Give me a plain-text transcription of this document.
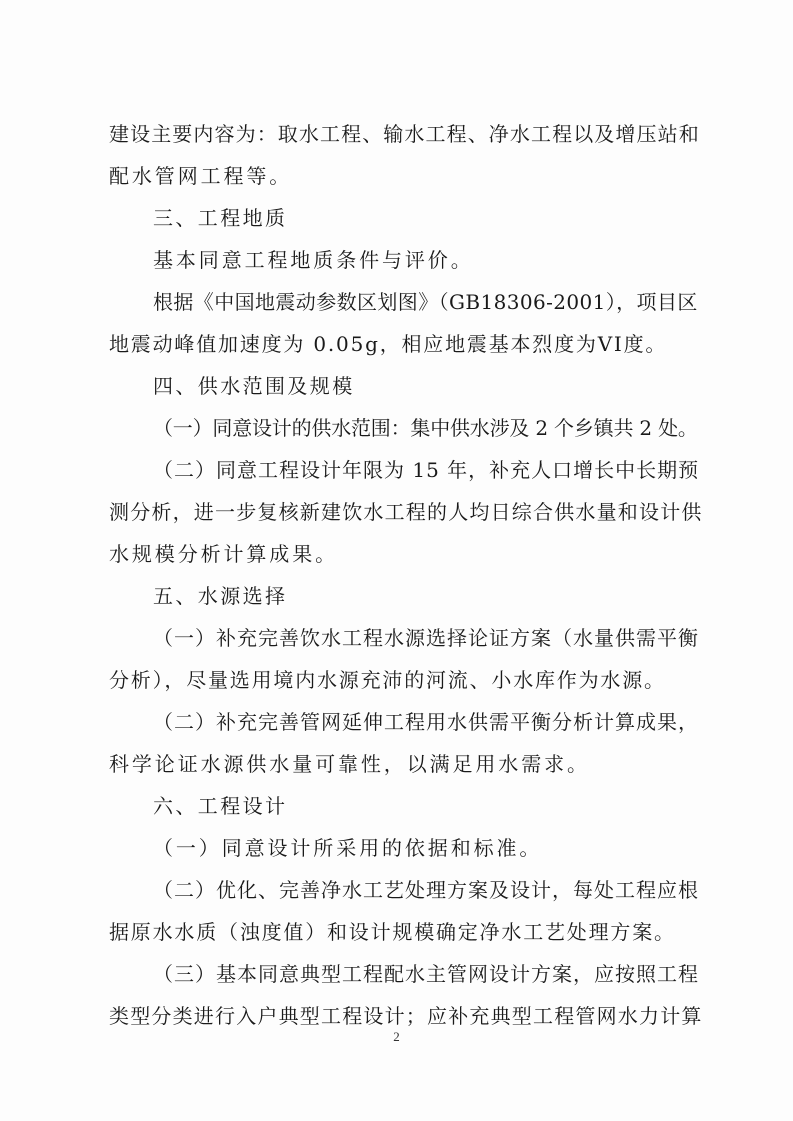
建设主要内容为：取水工程、输水工程、净水工程以及增压站和

配水管网工程等。

三、工程地质

基本同意工程地质条件与评价。

根据《中国地震动参数区划图》（GB18306-2001），项目区

地震动峰值加速度为 0.05g，相应地震基本烈度为VI度。

四、供水范围及规模

（一）同意设计的供水范围：集中供水涉及 2 个乡镇共 2 处。

（二）同意工程设计年限为 15 年，补充人口增长中长期预

测分析，进一步复核新建饮水工程的人均日综合供水量和设计供

水规模分析计算成果。

五、水源选择

（一）补充完善饮水工程水源选择论证方案（水量供需平衡

分析），尽量选用境内水源充沛的河流、小水库作为水源。

（二）补充完善管网延伸工程用水供需平衡分析计算成果，

科学论证水源供水量可靠性，以满足用水需求。

六、工程设计

（一）同意设计所采用的依据和标准。

（二）优化、完善净水工艺处理方案及设计，每处工程应根

据原水水质（浊度值）和设计规模确定净水工艺处理方案。

（三）基本同意典型工程配水主管网设计方案，应按照工程

类型分类进行入户典型工程设计；应补充典型工程管网水力计算

2
